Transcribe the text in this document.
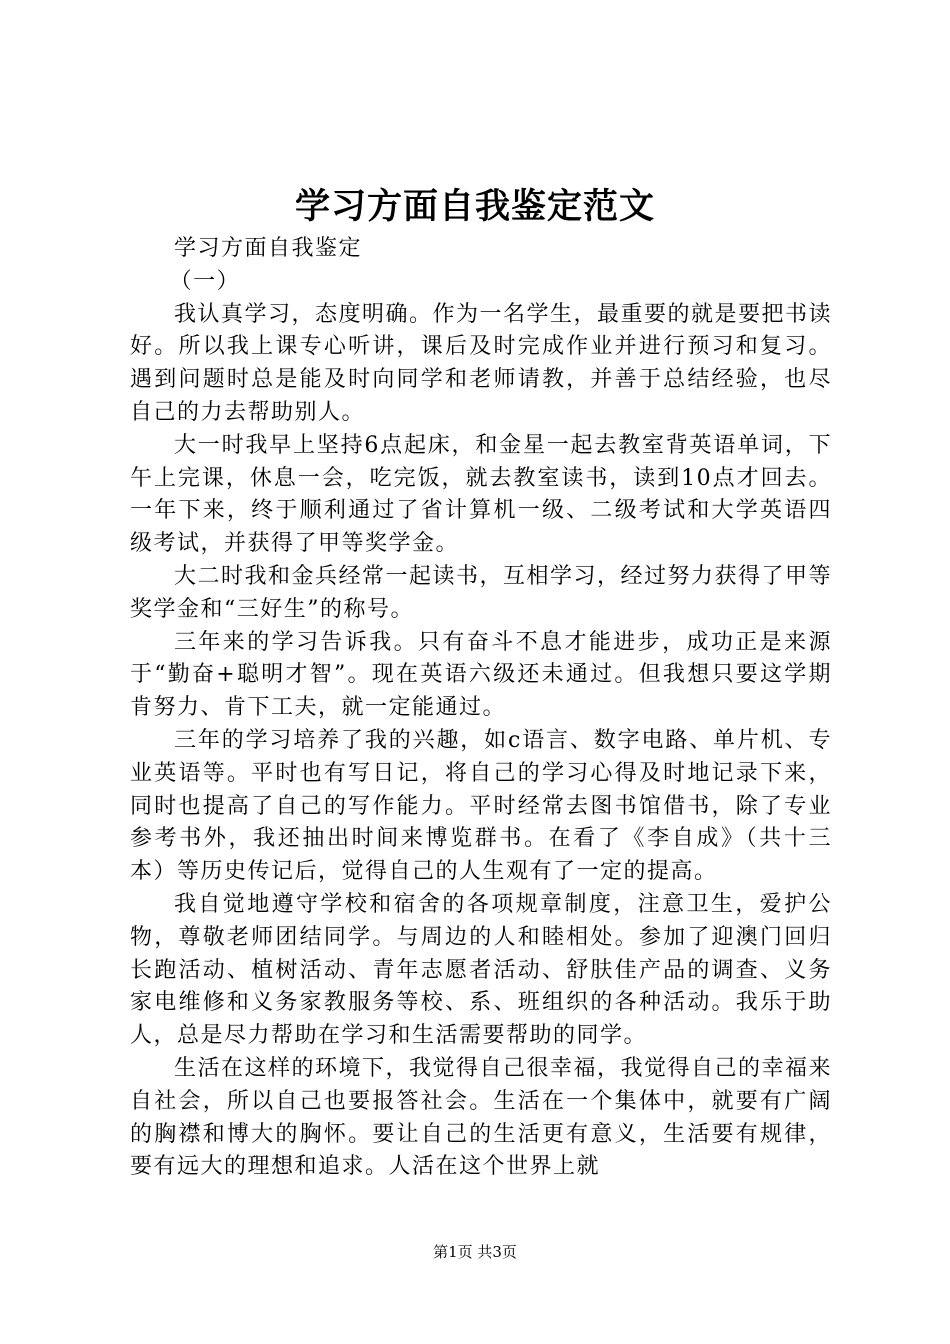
学习方面自我鉴定范文

学习方面自我鉴定

（一）

我认真学习，态度明确。作为一名学生，最重要的就是要把书读好。所以我上课专心听讲，课后及时完成作业并进行预习和复习。遇到问题时总是能及时向同学和老师请教，并善于总结经验，也尽自己的力去帮助别人。

大一时我早上坚持6点起床，和金星一起去教室背英语单词，下午上完课，休息一会，吃完饭，就去教室读书，读到10点才回去。一年下来，终于顺利通过了省计算机一级、二级考试和大学英语四级考试，并获得了甲等奖学金。

大二时我和金兵经常一起读书，互相学习，经过努力获得了甲等奖学金和“三好生”的称号。

三年来的学习告诉我。只有奋斗不息才能进步，成功正是来源于“勤奋+聪明才智”。现在英语六级还未通过。但我想只要这学期肯努力、肯下工夫，就一定能通过。

三年的学习培养了我的兴趣，如c语言、数字电路、单片机、专业英语等。平时也有写日记，将自己的学习心得及时地记录下来，同时也提高了自己的写作能力。平时经常去图书馆借书，除了专业参考书外，我还抽出时间来博览群书。在看了《李自成》（共十三本）等历史传记后，觉得自己的人生观有了一定的提高。

我自觉地遵守学校和宿舍的各项规章制度，注意卫生，爱护公物，尊敬老师团结同学。与周边的人和睦相处。参加了迎澳门回归长跑活动、植树活动、青年志愿者活动、舒肤佳产品的调查、义务家电维修和义务家教服务等校、系、班组织的各种活动。我乐于助人，总是尽力帮助在学习和生活需要帮助的同学。

生活在这样的环境下，我觉得自己很幸福，我觉得自己的幸福来自社会，所以自己也要报答社会。生活在一个集体中，就要有广阔的胸襟和博大的胸怀。要让自己的生活更有意义，生活要有规律，要有远大的理想和追求。人活在这个世界上就

第1页 共3页
